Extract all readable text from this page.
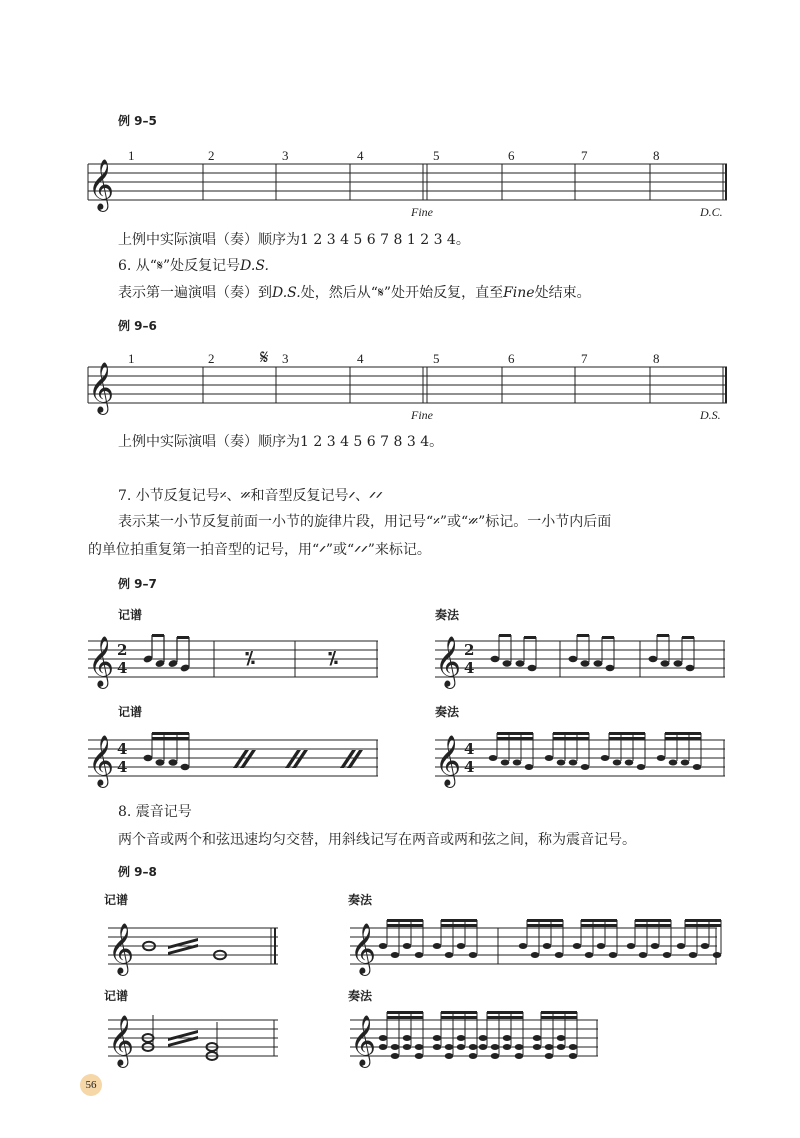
例 9–5
𝄞
1	2	3	4	5	6	7	8
Fine	D.C.
上例中实际演唱（奏）顺序为1 2 3 4 5 6 7 8 1 2 3 4。
6. 从“𝄋”处反复记号D.S.
表示第一遍演唱（奏）到D.S.处，然后从“𝄋”处开始反复，直至Fine处结束。
例 9–6
𝄞
1	2 𝄋 3	4	5	6	7	8
Fine	D.S.
上例中实际演唱（奏）顺序为1 2 3 4 5 6 7 8 3 4。
7. 小节反复记号𝄎、𝄏和音型反复记号𝄍、𝄍𝄍
表示某一小节反复前面一小节的旋律片段，用记号“𝄎”或“𝄏”标记。一小节内后面
的单位拍重复第一拍音型的记号，用“𝄍”或“𝄍𝄍”来标记。
例 9–7
记谱	奏法
记谱	奏法
𝄞 2
4	⁒	⁒ 𝄞 2
4
𝄞 4
4	𝄞 4
4
8. 震音记号
两个音或两个和弦迅速均匀交替，用斜线记写在两音或两和弦之间，称为震音记号。
例 9–8
记谱	奏法
记谱	奏法
𝄞	𝄞
𝄞	𝄞
56
